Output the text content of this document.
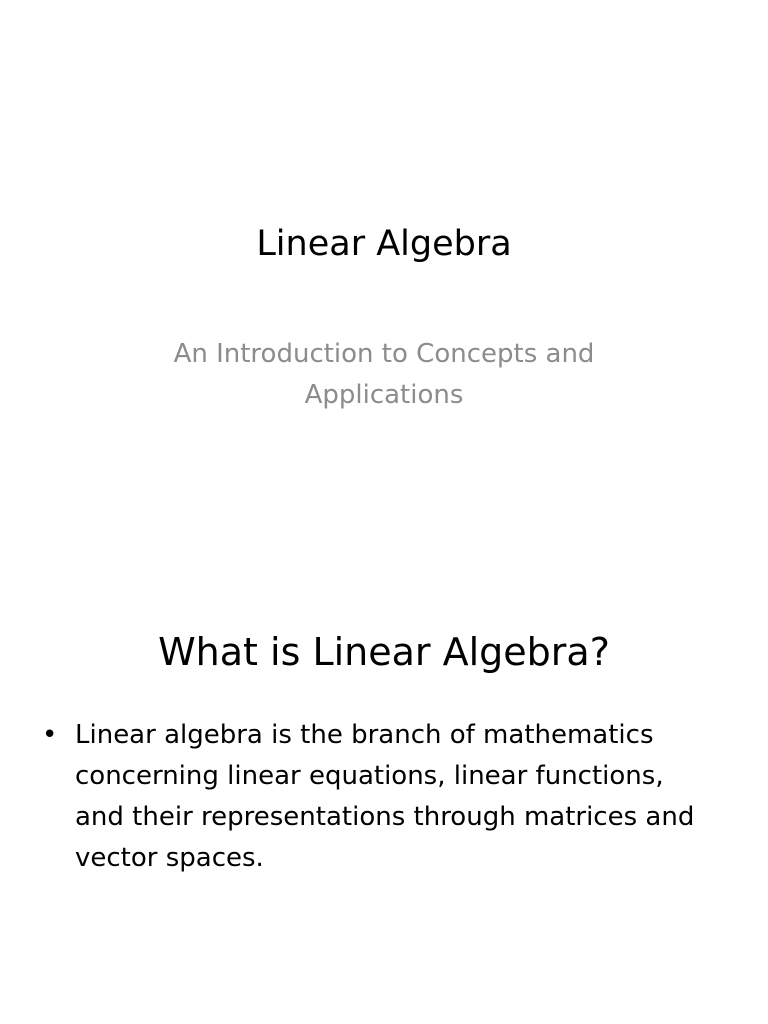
Linear Algebra

An Introduction to Concepts and Applications

What is Linear Algebra?
• Linear algebra is the branch of mathematics concerning linear equations, linear functions, and their representations through matrices and vector spaces.
